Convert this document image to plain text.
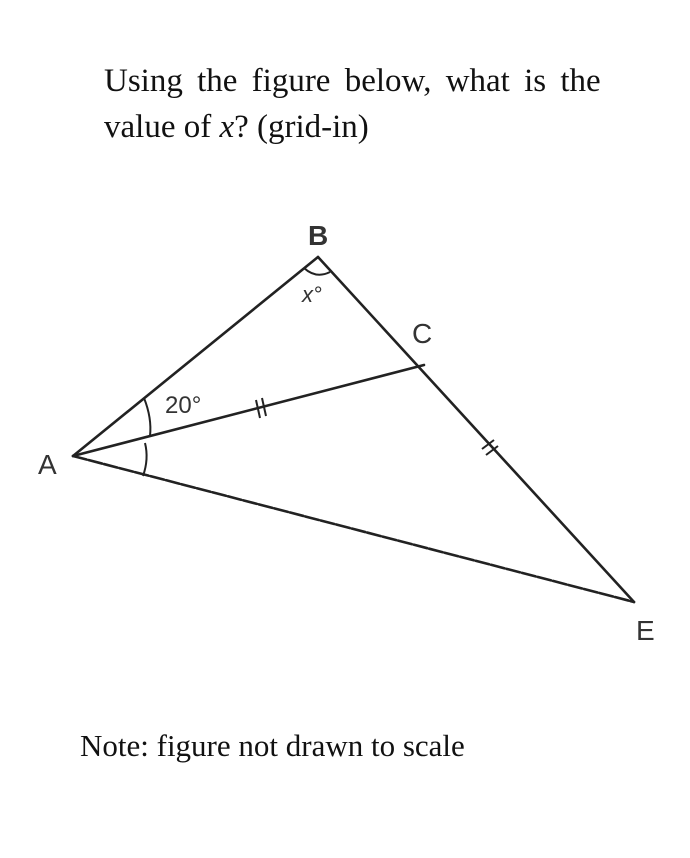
Using the figure below, what is the
value of x? (grid-in)

A
B
C
E
x°
20°

Note: figure not drawn to scale
